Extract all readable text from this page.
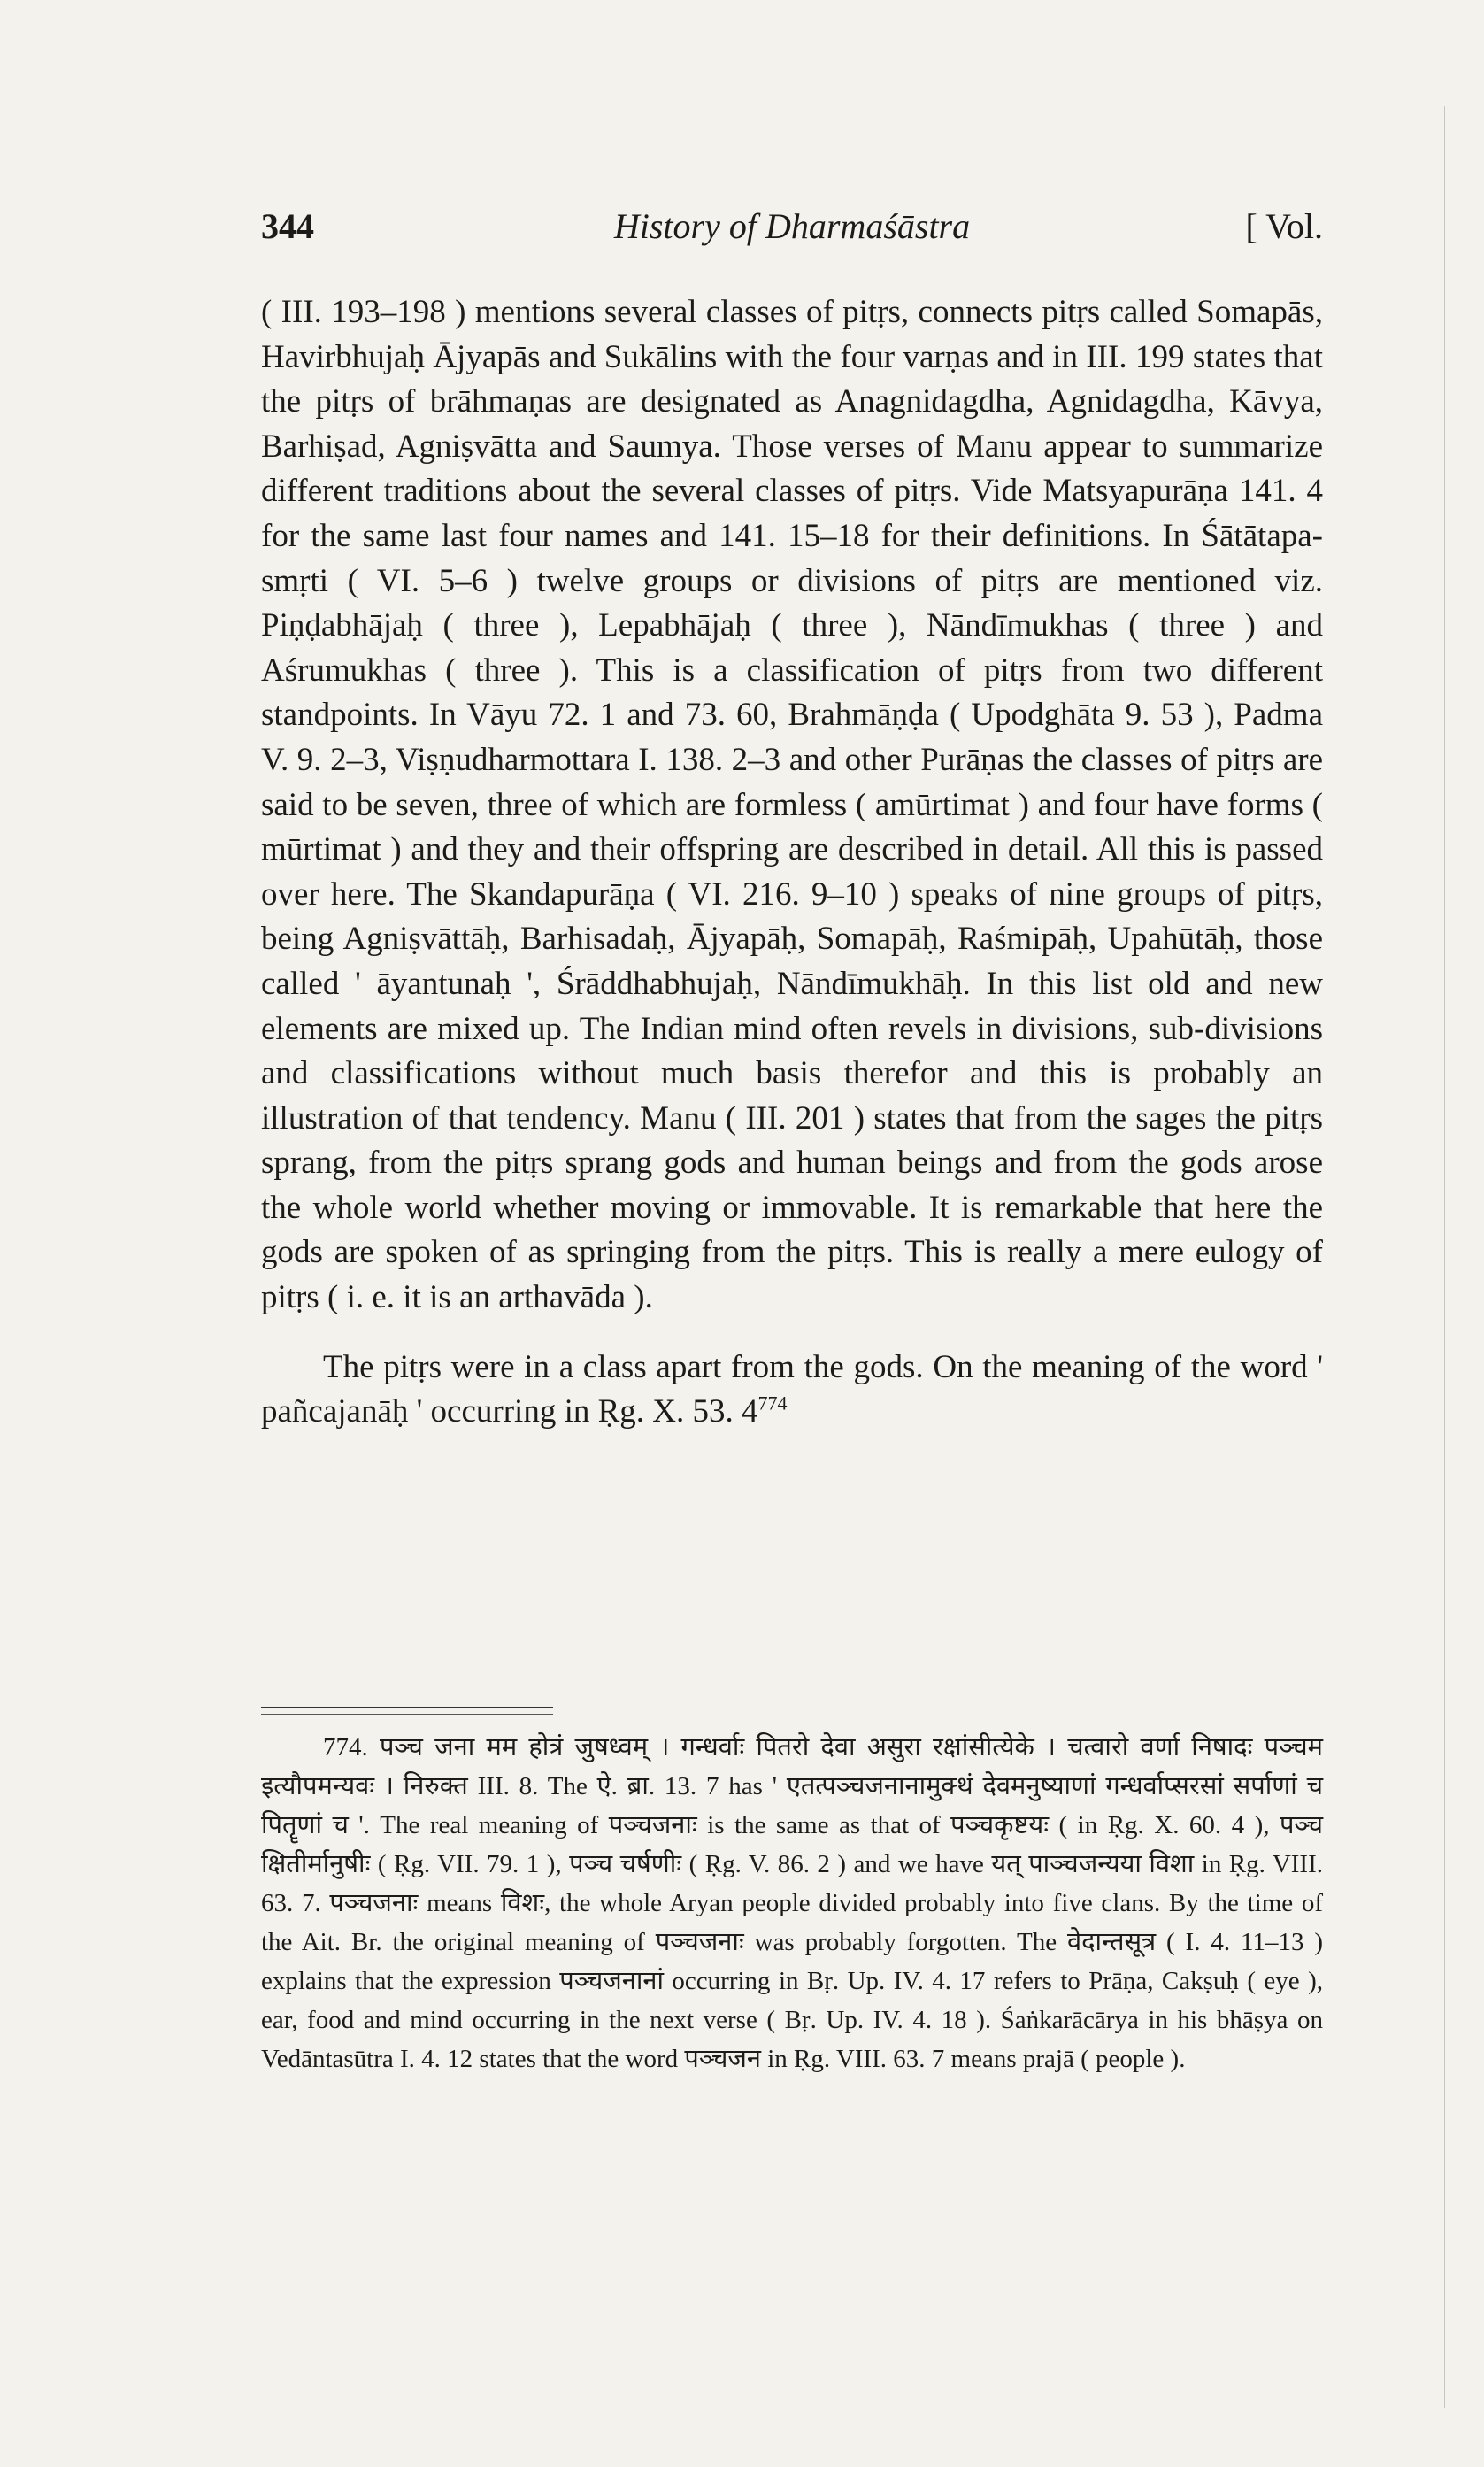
344	History of Dharmaśāstra	[ Vol.

( III. 193–198 ) mentions several classes of pitṛs, connects pitṛs called Somapās, Havirbhujaḥ Ājyapās and Sukālins with the four varṇas and in III. 199 states that the pitṛs of brāhmaṇas are designated as Anagnidagdha, Agnidagdha, Kāvya, Barhiṣad, Agniṣvātta and Saumya. Those verses of Manu appear to summarize different traditions about the several classes of pitṛs. Vide Matsyapurāṇa 141. 4 for the same last four names and 141. 15–18 for their definitions. In Śātātapa-smṛti ( VI. 5–6 ) twelve groups or divisions of pitṛs are mentioned viz. Piṇḍabhājaḥ ( three ), Lepabhājaḥ ( three ), Nāndīmukhas ( three ) and Aśrumukhas ( three ). This is a classification of pitṛs from two different standpoints. In Vāyu 72. 1 and 73. 60, Brahmāṇḍa ( Upodghāta 9. 53 ), Padma V. 9. 2–3, Viṣṇudharmottara I. 138. 2–3 and other Purāṇas the classes of pitṛs are said to be seven, three of which are formless ( amūrtimat ) and four have forms ( mūrtimat ) and they and their offspring are described in detail. All this is passed over here. The Skandapurāṇa ( VI. 216. 9–10 ) speaks of nine groups of pitṛs, being Agniṣvāttāḥ, Barhisadaḥ, Ājyapāḥ, Somapāḥ, Raśmipāḥ, Upahūtāḥ, those called ' āyantunaḥ ', Śrāddhabhujaḥ, Nāndīmukhāḥ. In this list old and new elements are mixed up. The Indian mind often revels in divisions, sub-divisions and classifications without much basis therefor and this is probably an illustration of that tendency. Manu ( III. 201 ) states that from the sages the pitṛs sprang, from the pitṛs sprang gods and human beings and from the gods arose the whole world whether moving or immovable. It is remarkable that here the gods are spoken of as springing from the pitṛs. This is really a mere eulogy of pitṛs ( i. e. it is an arthavāda ).

The pitṛs were in a class apart from the gods. On the meaning of the word ' pañcajanāḥ ' occurring in Ṛg. X. 53. $4^{774}$

774. पञ्च जना मम होत्रं जुषध्वम् । गन्धर्वाः पितरो देवा असुरा रक्षांसीत्येके । चत्वारो वर्णा निषादः पञ्चम इत्यौपमन्यवः । निरुक्त III. 8. The ऐ. ब्रा. 13. 7 has ' एतत्पञ्चजनानामुक्थं देवमनुष्याणां गन्धर्वाप्सरसां सर्पाणां च पितॄणां च '. The real meaning of पञ्चजनाः is the same as that of पञ्चकृष्टयः ( in Ṛg. X. 60. 4 ), पञ्च क्षितीर्मानुषीः ( Ṛg. VII. 79. 1 ), पञ्च चर्षणीः ( Ṛg. V. 86. 2 ) and we have यत् पाञ्चजन्यया विशा in Ṛg. VIII. 63. 7. पञ्चजनाः means विशः, the whole Aryan people divided probably into five clans. By the time of the Ait. Br. the original meaning of पञ्चजनाः was probably forgotten. The वेदान्तसूत्र ( I. 4. 11–13 ) explains that the expression पञ्चजनानां occurring in Bṛ. Up. IV. 4. 17 refers to Prāṇa, Cakṣuḥ ( eye ), ear, food and mind occurring in the next verse ( Bṛ. Up. IV. 4. 18 ). Śaṅkarācārya in his bhāṣya on Vedāntasūtra I. 4. 12 states that the word पञ्चजन in Ṛg. VIII. 63. 7 means prajā ( people ).
